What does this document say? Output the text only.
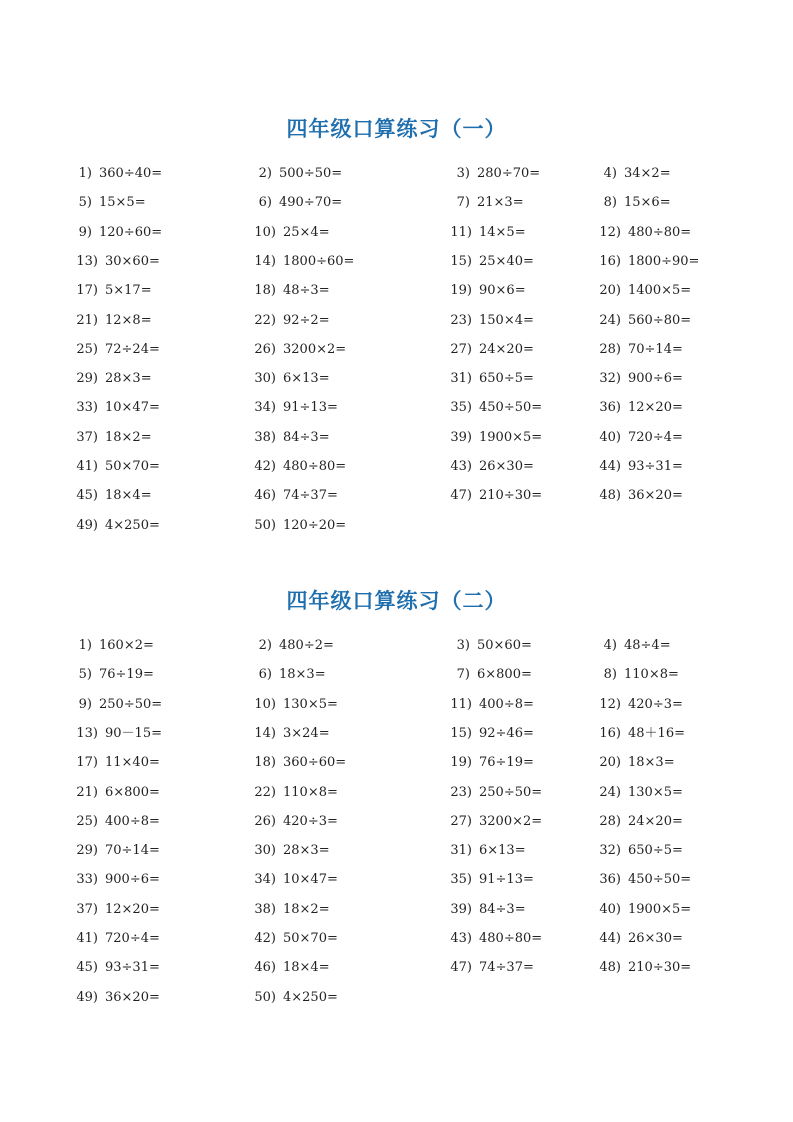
四年级口算练习（一）
1) 360÷40=	2) 500÷50=	3) 280÷70=	4) 34×2=
5) 15×5=	6) 490÷70=	7) 21×3=	8) 15×6=
9) 120÷60=	10) 25×4=	11) 14×5=	12) 480÷80=
13) 30×60=	14) 1800÷60=	15) 25×40=	16) 1800÷90=
17) 5×17=	18) 48÷3=	19) 90×6=	20) 1400×5=
21) 12×8=	22) 92÷2=	23) 150×4=	24) 560÷80=
25) 72÷24=	26) 3200×2=	27) 24×20=	28) 70÷14=
29) 28×3=	30) 6×13=	31) 650÷5=	32) 900÷6=
33) 10×47=	34) 91÷13=	35) 450÷50=	36) 12×20=
37) 18×2=	38) 84÷3=	39) 1900×5=	40) 720÷4=
41) 50×70=	42) 480÷80=	43) 26×30=	44) 93÷31=
45) 18×4=	46) 74÷37=	47) 210÷30=	48) 36×20=
49) 4×250=	50) 120÷20=
四年级口算练习（二）
1) 160×2=	2) 480÷2=	3) 50×60=	4) 48÷4=
5) 76÷19=	6) 18×3=	7) 6×800=	8) 110×8=
9) 250÷50=	10) 130×5=	11) 400÷8=	12) 420÷3=
13) 90－15=	14) 3×24=	15) 92÷46=	16) 48＋16=
17) 11×40=	18) 360÷60=	19) 76÷19=	20) 18×3=
21) 6×800=	22) 110×8=	23) 250÷50=	24) 130×5=
25) 400÷8=	26) 420÷3=	27) 3200×2=	28) 24×20=
29) 70÷14=	30) 28×3=	31) 6×13=	32) 650÷5=
33) 900÷6=	34) 10×47=	35) 91÷13=	36) 450÷50=
37) 12×20=	38) 18×2=	39) 84÷3=	40) 1900×5=
41) 720÷4=	42) 50×70=	43) 480÷80=	44) 26×30=
45) 93÷31=	46) 18×4=	47) 74÷37=	48) 210÷30=
49) 36×20=	50) 4×250=
